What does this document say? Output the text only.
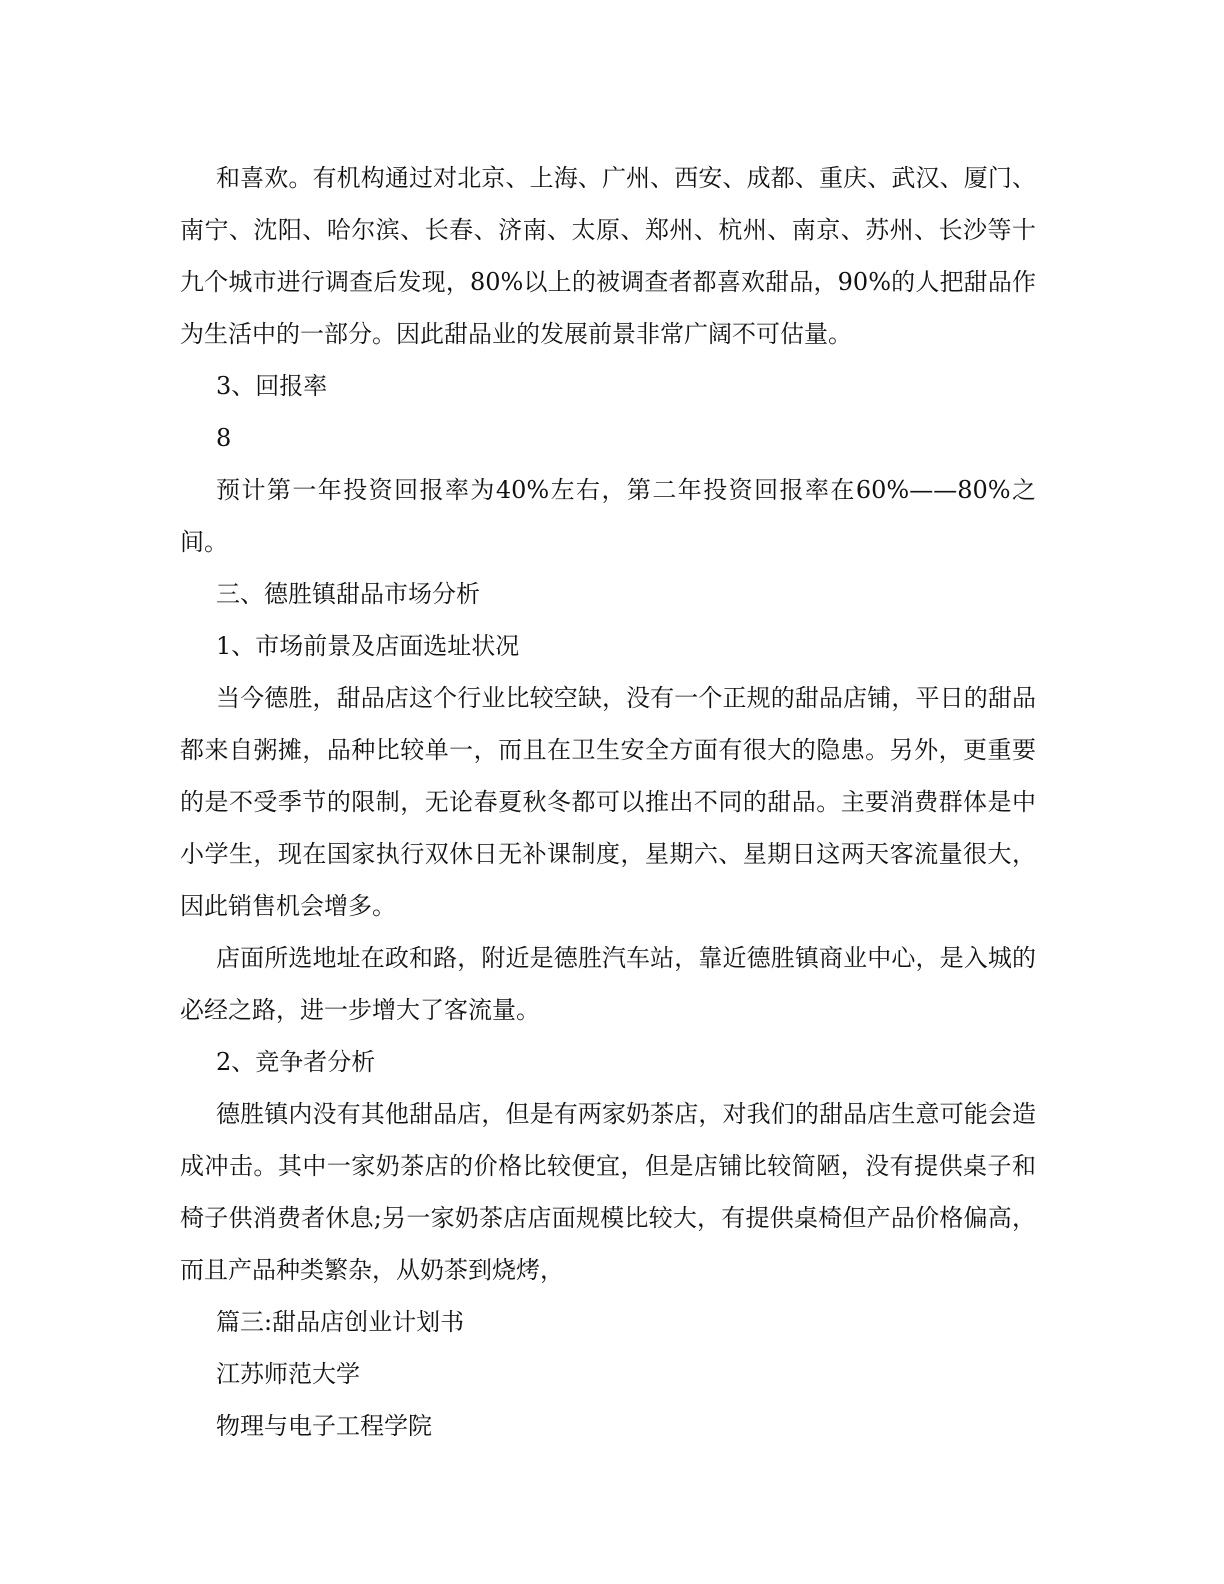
和喜欢。有机构通过对北京、上海、广州、西安、成都、重庆、武汉、厦门、南宁、沈阳、哈尔滨、长春、济南、太原、郑州、杭州、南京、苏州、长沙等十九个城市进行调查后发现，80%以上的被调查者都喜欢甜品，90%的人把甜品作为生活中的一部分。因此甜品业的发展前景非常广阔不可估量。

3、回报率

8

预计第一年投资回报率为40%左右，第二年投资回报率在60%——80%之间。

三、德胜镇甜品市场分析

1、市场前景及店面选址状况

当今德胜，甜品店这个行业比较空缺，没有一个正规的甜品店铺，平日的甜品都来自粥摊，品种比较单一，而且在卫生安全方面有很大的隐患。另外，更重要的是不受季节的限制，无论春夏秋冬都可以推出不同的甜品。主要消费群体是中小学生，现在国家执行双休日无补课制度，星期六、星期日这两天客流量很大，因此销售机会增多。

店面所选地址在政和路，附近是德胜汽车站，靠近德胜镇商业中心，是入城的必经之路，进一步增大了客流量。

2、竞争者分析

德胜镇内没有其他甜品店，但是有两家奶茶店，对我们的甜品店生意可能会造成冲击。其中一家奶茶店的价格比较便宜，但是店铺比较简陋，没有提供桌子和椅子供消费者休息;另一家奶茶店店面规模比较大，有提供桌椅但产品价格偏高，而且产品种类繁杂，从奶茶到烧烤，

篇三:甜品店创业计划书

江苏师范大学

物理与电子工程学院
